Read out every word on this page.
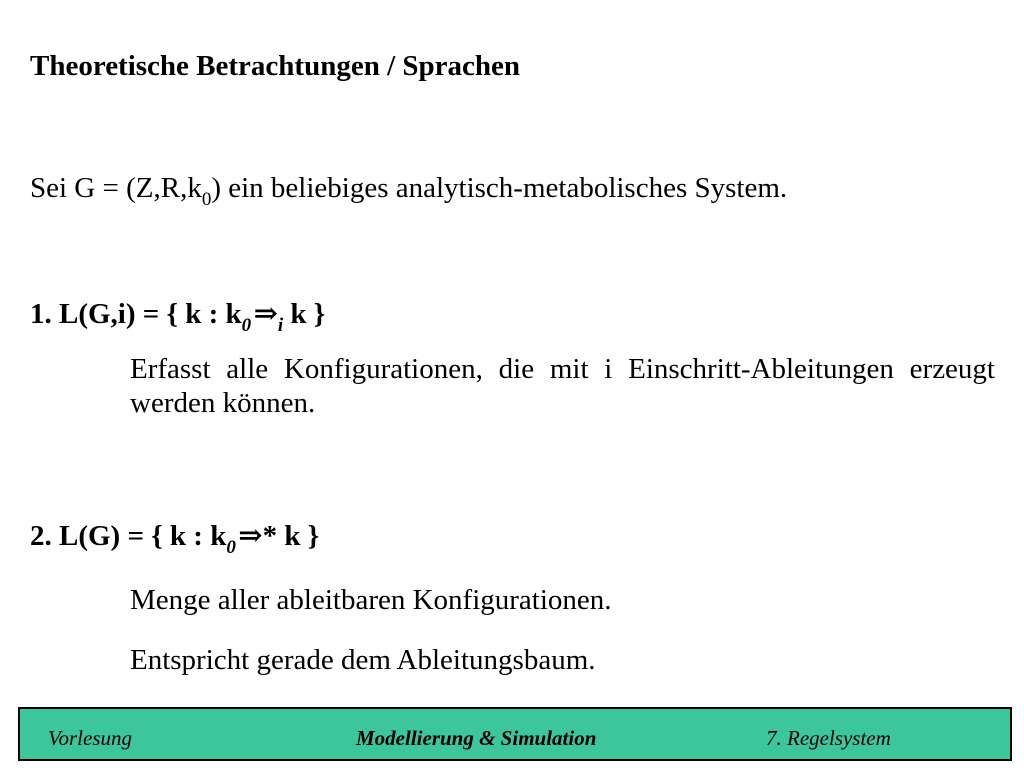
Theoretische Betrachtungen / Sprachen
Sei $G = (Z,R,k_0)$ ein beliebiges analytisch-metabolisches System.
1. L(G,i) = { k : $k_0$ $\Rightarrow_i$ k }
Erfasst alle Konfigurationen, die mit i Einschritt-Ableitungen erzeugt werden können.
2. L(G) = { k : $k_0$ ⇒* k }
Menge aller ableitbaren Konfigurationen.
Entspricht gerade dem Ableitungsbaum.
Vorlesung	Modellierung & Simulation	7. Regelsystem
